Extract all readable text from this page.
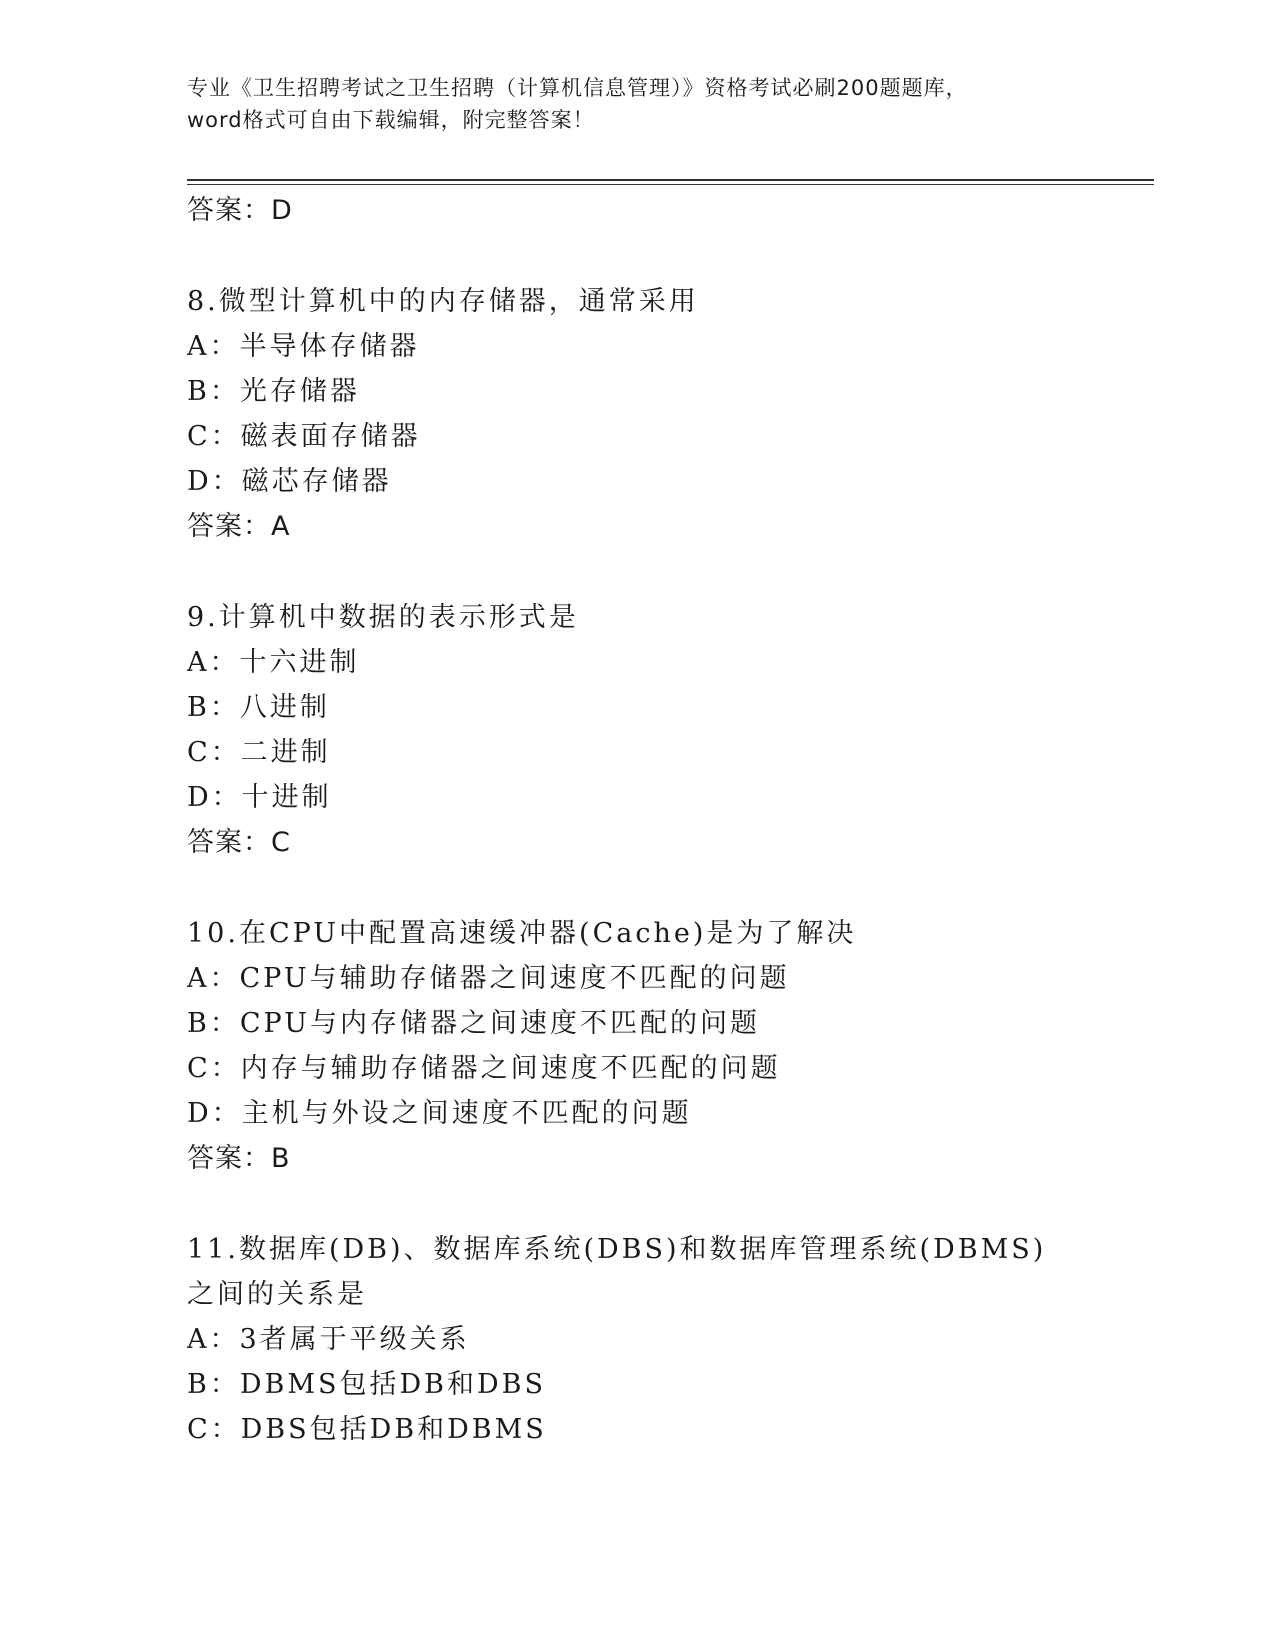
专业《卫生招聘考试之卫生招聘（计算机信息管理）》资格考试必刷200题题库，
word格式可自由下载编辑，附完整答案！
答案：D
8.微型计算机中的内存储器，通常采用
A：半导体存储器
B：光存储器
C：磁表面存储器
D：磁芯存储器
答案：A
9.计算机中数据的表示形式是
A：十六进制
B：八进制
C：二进制
D：十进制
答案：C
10.在CPU中配置高速缓冲器(Cache)是为了解决
A：CPU与辅助存储器之间速度不匹配的问题
B：CPU与内存储器之间速度不匹配的问题
C：内存与辅助存储器之间速度不匹配的问题
D：主机与外设之间速度不匹配的问题
答案：B
11.数据库(DB)、数据库系统(DBS)和数据库管理系统(DBMS)之间的关系是
A：3者属于平级关系
B：DBMS包括DB和DBS
C：DBS包括DB和DBMS
